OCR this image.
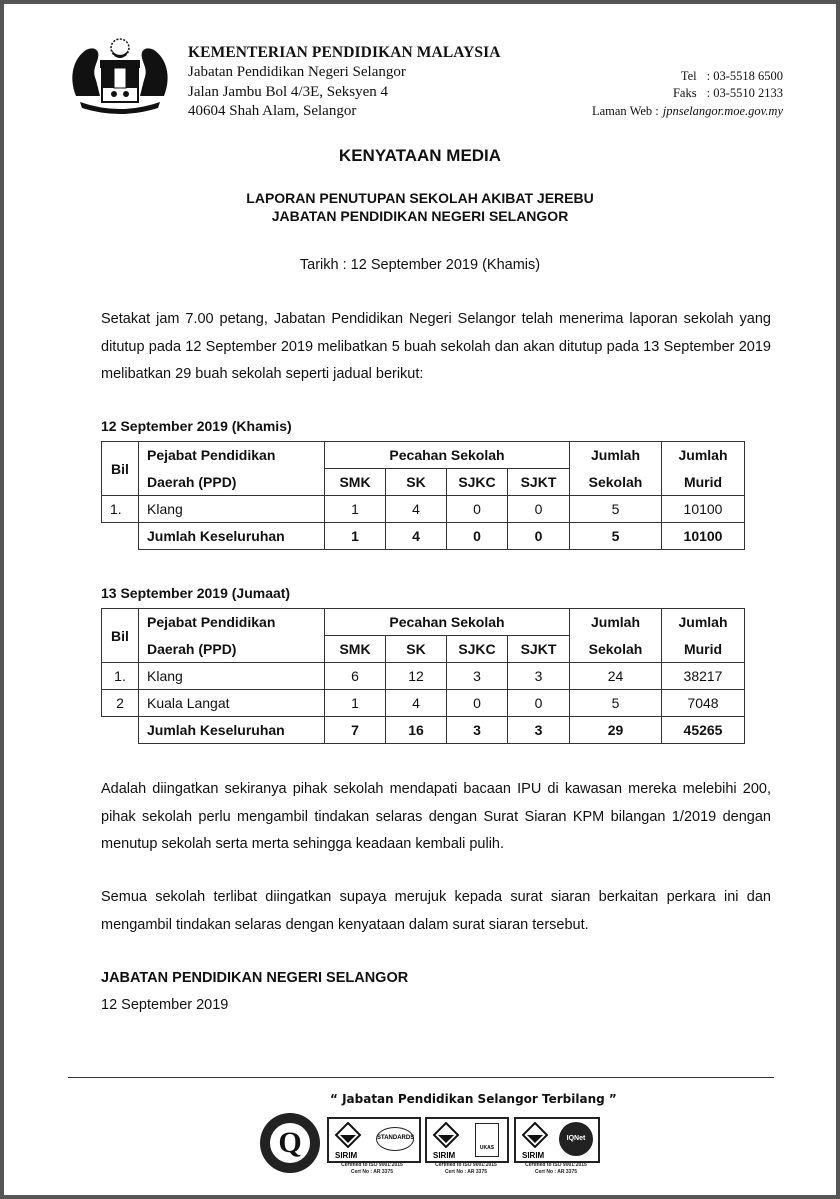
KEMENTERIAN PENDIDIKAN MALAYSIA
Jabatan Pendidikan Negeri Selangor
Jalan Jambu Bol 4/3E, Seksyen 4
40604 Shah Alam, Selangor
Tel : 03-5518 6500
Faks : 03-5510 2133
Laman Web : jpnselangor.moe.gov.my
KENYATAAN MEDIA
LAPORAN PENUTUPAN SEKOLAH AKIBAT JEREBU
JABATAN PENDIDIKAN NEGERI SELANGOR
Tarikh : 12 September 2019 (Khamis)
Setakat jam 7.00 petang, Jabatan Pendidikan Negeri Selangor telah menerima laporan sekolah yang ditutup pada 12 September 2019 melibatkan 5 buah sekolah dan akan ditutup pada 13 September 2019 melibatkan 29 buah sekolah seperti jadual berikut:
12 September 2019 (Khamis)
Bil	Pejabat Pendidikan	Pecahan Sekolah				Jumlah	Jumlah
	Daerah (PPD)	SMK	SK	SJKC	SJKT	Sekolah	Murid
1.	Klang	1	4	0	0	5	10100
	Jumlah Keseluruhan	1	4	0	0	5	10100
13 September 2019 (Jumaat)
Bil	Pejabat Pendidikan	Pecahan Sekolah				Jumlah	Jumlah
	Daerah (PPD)	SMK	SK	SJKC	SJKT	Sekolah	Murid
1.	Klang	6	12	3	3	24	38217
2	Kuala Langat	1	4	0	0	5	7048
	Jumlah Keseluruhan	7	16	3	3	29	45265
Adalah diingatkan sekiranya pihak sekolah mendapati bacaan IPU di kawasan mereka melebihi 200, pihak sekolah perlu mengambil tindakan selaras dengan Surat Siaran KPM bilangan 1/2019 dengan menutup sekolah serta merta sehingga keadaan kembali pulih.
Semua sekolah terlibat diingatkan supaya merujuk kepada surat siaran berkaitan perkara ini dan mengambil tindakan selaras dengan kenyataan dalam surat siaran tersebut.
JABATAN PENDIDIKAN NEGERI SELANGOR
12 September 2019
“ Jabatan Pendidikan Selangor Terbilang ”
Q	SIRIM
STANDARDS
SIRIM
UKAS
SIRIM
IQNet
Certified to ISO 9001:2015
Cert No : AR 3375
Certified to ISO 9001:2015
Cert No : AR 3375
Certified to ISO 9001:2015
Cert No : AR 3375
